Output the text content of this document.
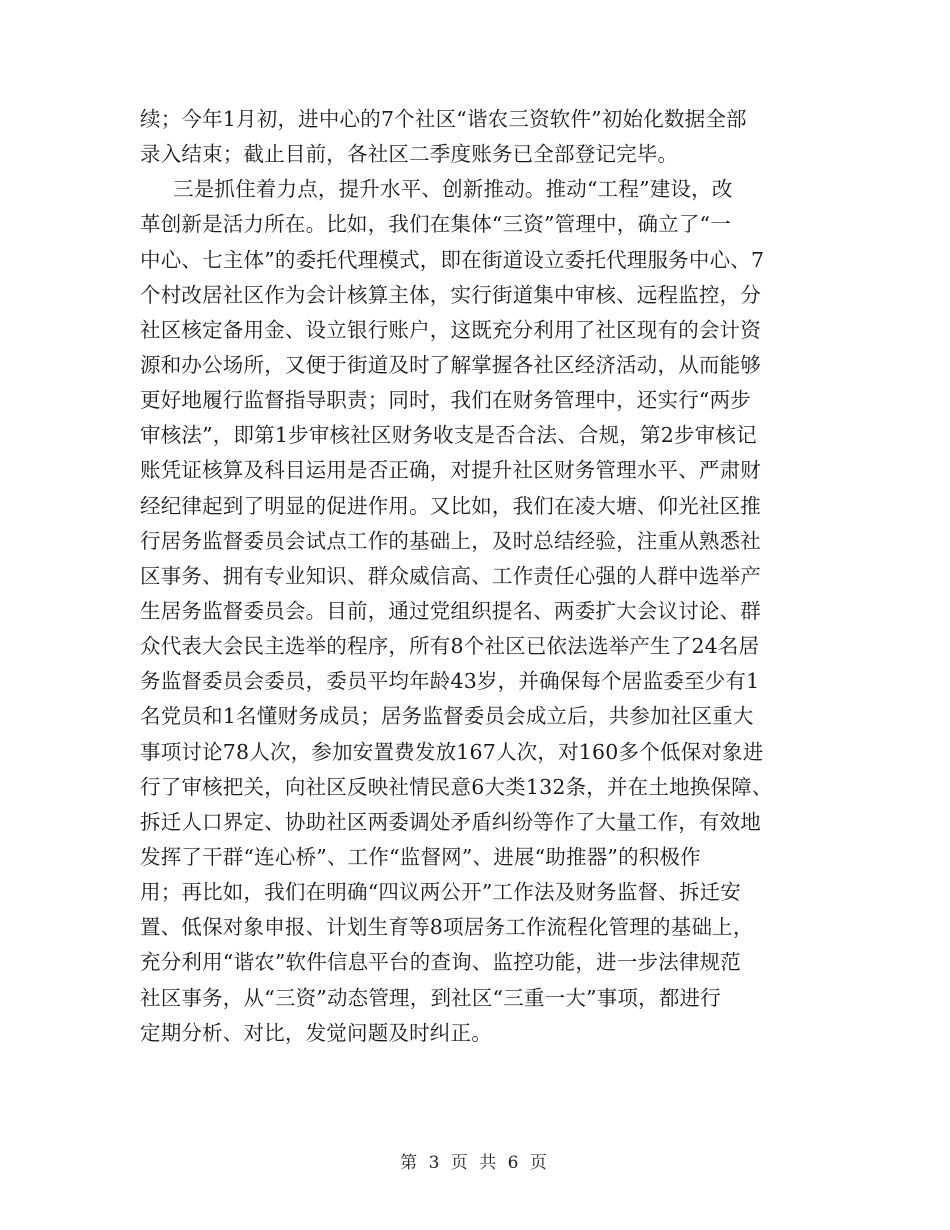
续；今年1月初，进中心的7个社区“谐农三资软件”初始化数据全部
录入结束；截止目前，各社区二季度账务已全部登记完毕。
三是抓住着力点，提升水平、创新推动。推动“工程”建设，改
革创新是活力所在。比如，我们在集体“三资”管理中，确立了“一
中心、七主体”的委托代理模式，即在街道设立委托代理服务中心、7
个村改居社区作为会计核算主体，实行街道集中审核、远程监控，分
社区核定备用金、设立银行账户，这既充分利用了社区现有的会计资
源和办公场所，又便于街道及时了解掌握各社区经济活动，从而能够
更好地履行监督指导职责；同时，我们在财务管理中，还实行“两步
审核法”，即第1步审核社区财务收支是否合法、合规，第2步审核记
账凭证核算及科目运用是否正确，对提升社区财务管理水平、严肃财
经纪律起到了明显的促进作用。又比如，我们在凌大塘、仰光社区推
行居务监督委员会试点工作的基础上，及时总结经验，注重从熟悉社
区事务、拥有专业知识、群众威信高、工作责任心强的人群中选举产
生居务监督委员会。目前，通过党组织提名、两委扩大会议讨论、群
众代表大会民主选举的程序，所有8个社区已依法选举产生了24名居
务监督委员会委员，委员平均年龄43岁，并确保每个居监委至少有1
名党员和1名懂财务成员；居务监督委员会成立后，共参加社区重大
事项讨论78人次，参加安置费发放167人次，对160多个低保对象进
行了审核把关，向社区反映社情民意6大类132条，并在土地换保障、
拆迁人口界定、协助社区两委调处矛盾纠纷等作了大量工作，有效地
发挥了干群“连心桥”、工作“监督网”、进展“助推器”的积极作
用；再比如，我们在明确“四议两公开”工作法及财务监督、拆迁安
置、低保对象申报、计划生育等8项居务工作流程化管理的基础上，
充分利用“谐农”软件信息平台的查询、监控功能，进一步法律规范
社区事务，从“三资”动态管理，到社区“三重一大”事项，都进行
定期分析、对比，发觉问题及时纠正。
第 3 页 共 6 页
